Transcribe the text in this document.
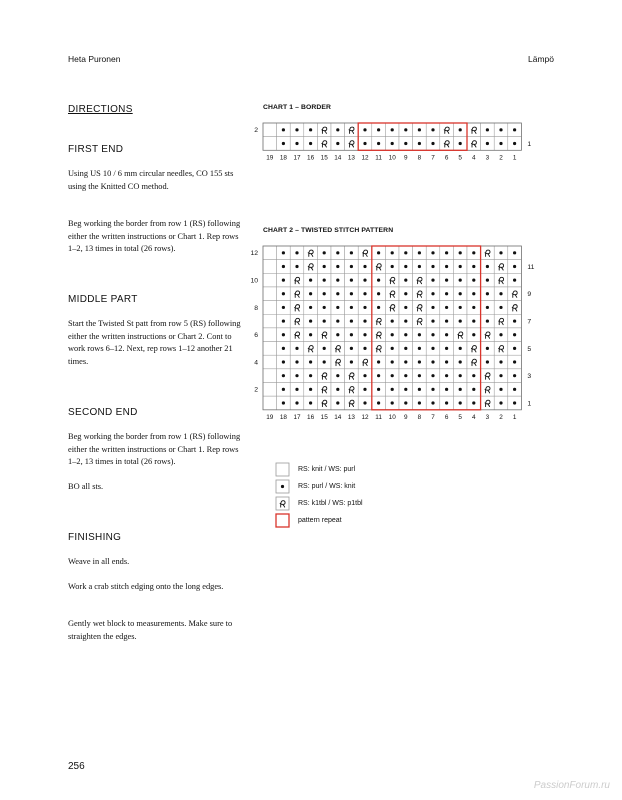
Heta Puronen	Lämpö
DIRECTIONS
FIRST END
Using US 10 / 6 mm circular needles, CO 155 sts using the Knitted CO method.
Beg working the border from row 1 (RS) following either the written instructions or Chart 1. Rep rows 1–2, 13 times in total (26 rows).
MIDDLE PART
Start the Twisted St patt from row 5 (RS) following either the written instructions or Chart 2. Cont to work rows 6–12. Next, rep rows 1–12 another 21 times.
SECOND END
Beg working the border from row 1 (RS) following either the written instructions or Chart 1. Rep rows 1–2, 13 times in total (26 rows).
BO all sts.
FINISHING
Weave in all ends.
Work a crab stitch edging onto the long edges.
Gently wet block to measurements. Make sure to straighten the edges.
CHART 1 – BORDER
CHART 2 – TWISTED STITCH PATTERN
2
1
19 18 17 16 15 14 13 12 11 10 9 8 7 6 5 4 3 2 1
12
11
10
9
8
7
6
5
4
3
2
1
19 18 17 16 15 14 13 12 11 10 9 8 7 6 5 4 3 2 1
RS: knit / WS: purl
RS: purl / WS: knit
RS: k1tbl / WS: p1tbl
pattern repeat
256
PassionForum.ru
